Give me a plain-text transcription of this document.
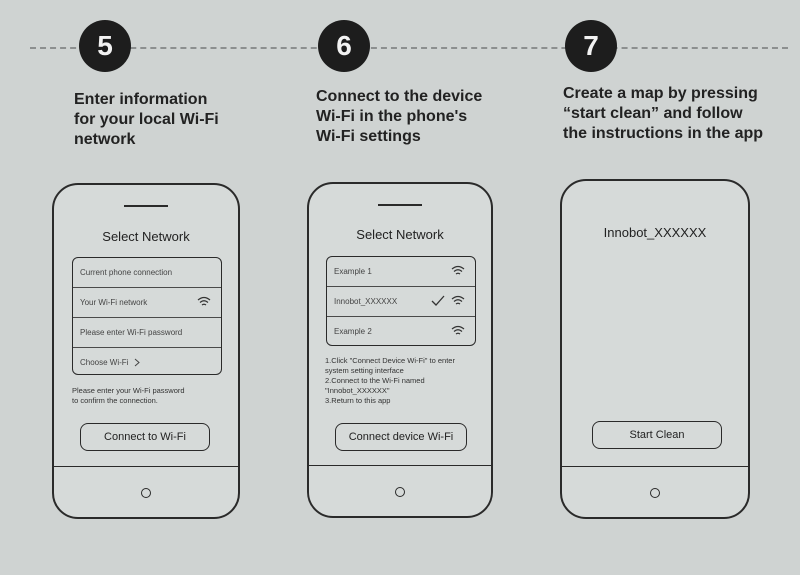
5
Enter information
for your local Wi-Fi
network
Select Network
Current phone connection
Your Wi-Fi network
Please enter Wi-Fi password
Choose Wi-Fi
Please enter your Wi-Fi password
to confirm the connection.
Connect to Wi-Fi
6
Connect to the device
Wi-Fi in the phone's
Wi-Fi settings
Select Network
Example 1
Innobot_XXXXXX
Example 2
1.Click "Connect Device Wi-Fi" to enter
system setting interface
2.Connect to the Wi-Fi named
"Innobot_XXXXXX"
3.Return to this app
Connect device Wi-Fi
7
Create a map by pressing
“start clean” and follow
the instructions in the app
Innobot_XXXXXX
Start Clean
